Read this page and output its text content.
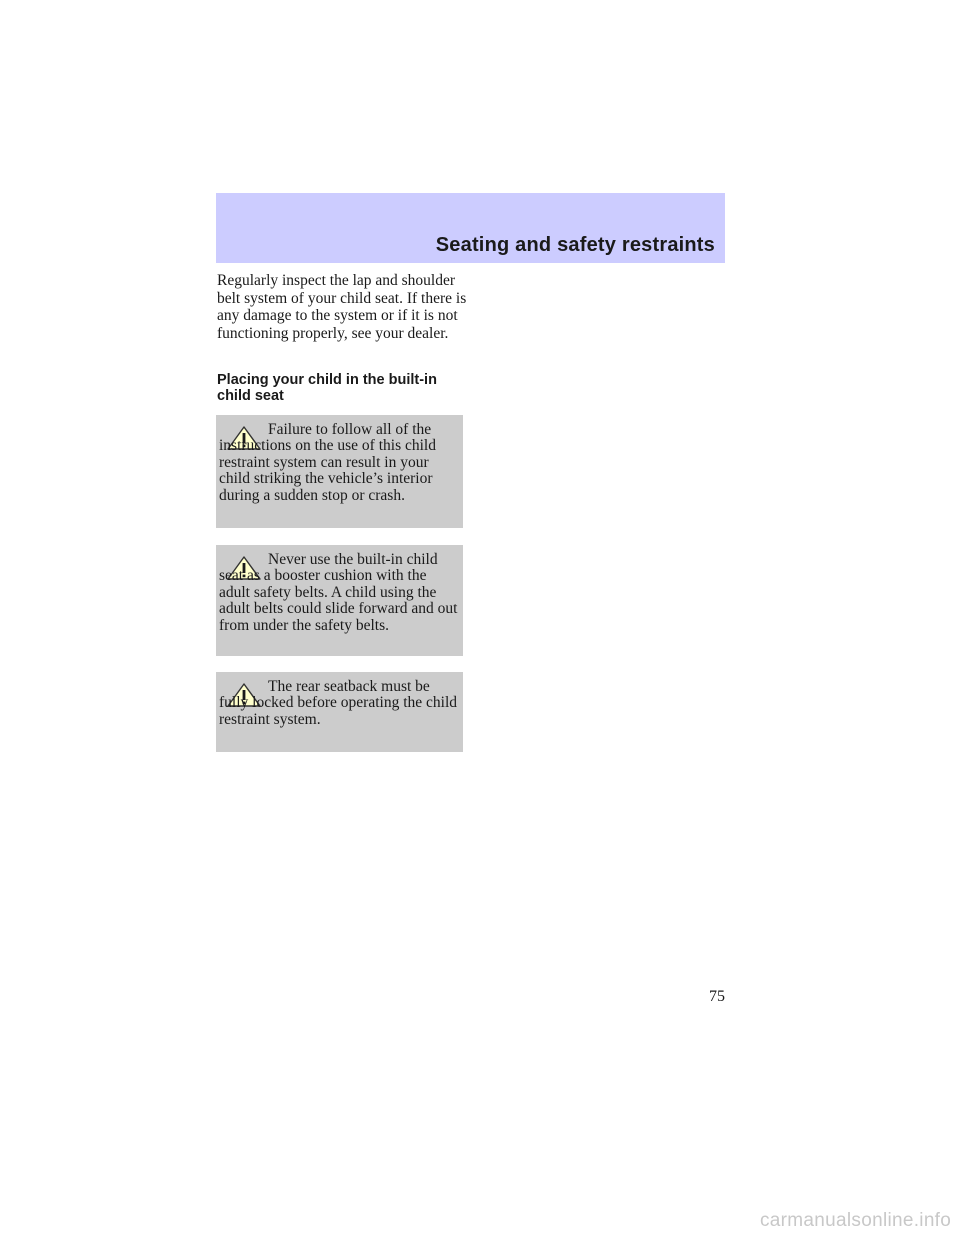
Seating and safety restraints

Regularly inspect the lap and shoulder belt system of your child seat. If there is any damage to the system or if it is not functioning properly, see your dealer.

Placing your child in the built-in child seat

Failure to follow all of the instructions on the use of this child restraint system can result in your child striking the vehicle’s interior during a sudden stop or crash.

Never use the built-in child seat as a booster cushion with the adult safety belts. A child using the adult belts could slide forward and out from under the safety belts.

The rear seatback must be fully locked before operating the child restraint system.

75

carmanualsonline.info
